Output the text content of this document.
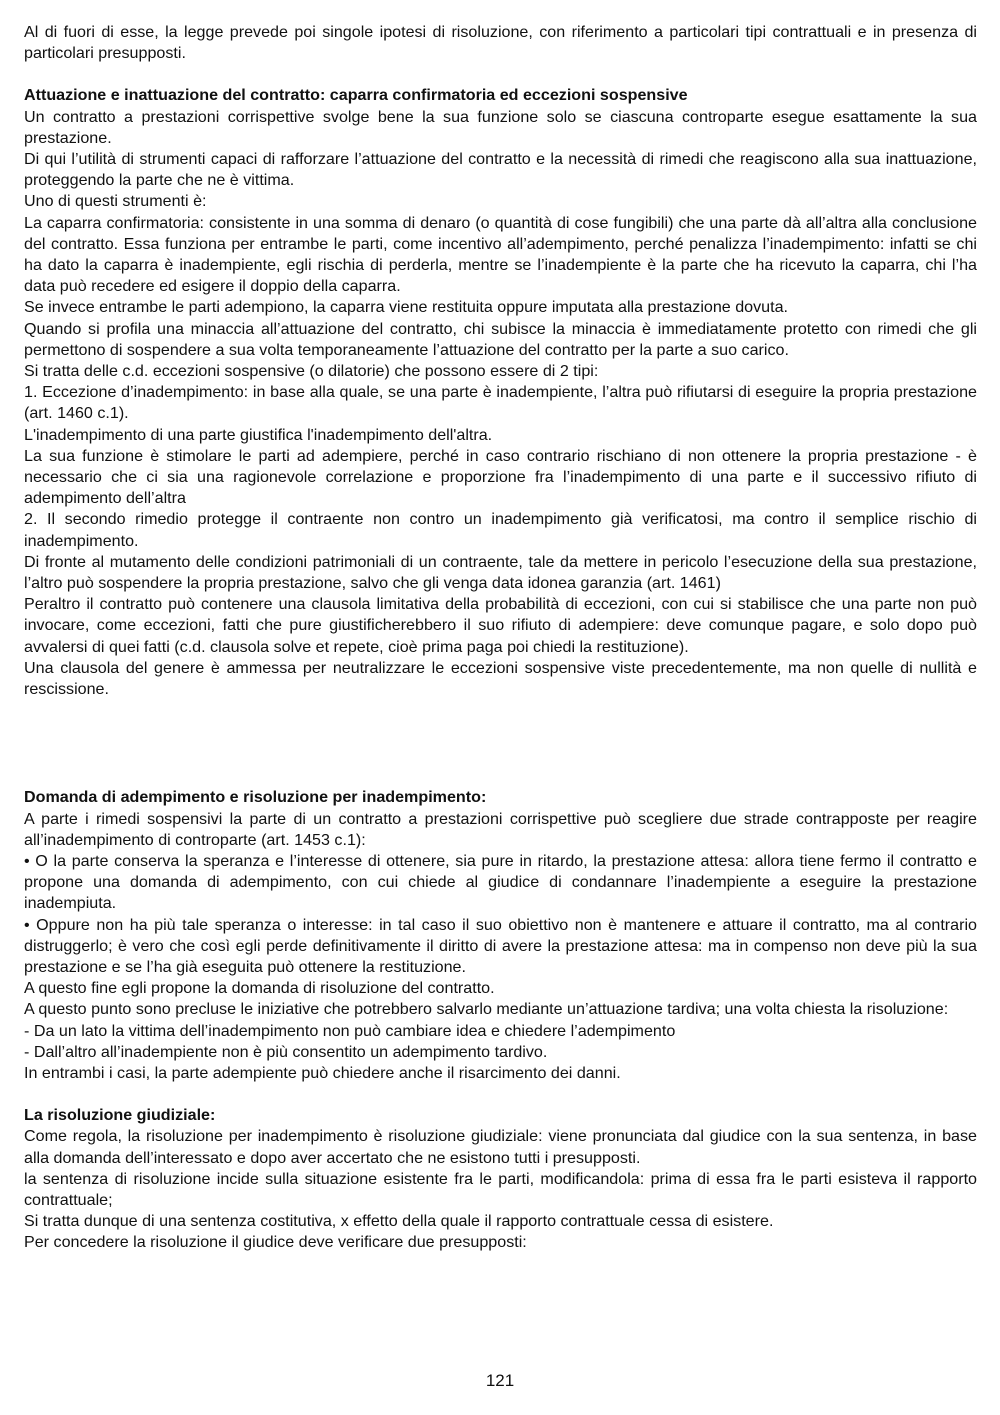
Al di fuori di esse, la legge prevede poi singole ipotesi di risoluzione, con riferimento a particolari tipi contrattuali e in presenza di particolari presupposti.

Attuazione e inattuazione del contratto: caparra confirmatoria ed eccezioni sospensive

Un contratto a prestazioni corrispettive svolge bene la sua funzione solo se ciascuna controparte esegue esattamente la sua prestazione.

Di qui l’utilità di strumenti capaci di rafforzare l’attuazione del contratto e la necessità di rimedi che reagiscono alla sua inattuazione, proteggendo la parte che ne è vittima.

Uno di questi strumenti è:

La caparra confirmatoria: consistente in una somma di denaro (o quantità di cose fungibili) che una parte dà all’altra alla conclusione del contratto. Essa funziona per entrambe le parti, come incentivo all’adempimento, perché penalizza l’inadempimento: infatti se chi ha dato la caparra è inadempiente, egli rischia di perderla, mentre se l’inadempiente è la parte che ha ricevuto la caparra, chi l’ha data può recedere ed esigere il doppio della caparra.

Se invece entrambe le parti adempiono, la caparra viene restituita oppure imputata alla prestazione dovuta.

Quando si profila una minaccia all’attuazione del contratto, chi subisce la minaccia è immediatamente protetto con rimedi che gli permettono di sospendere a sua volta temporaneamente l’attuazione del contratto per la parte a suo carico.

Si tratta delle c.d. eccezioni sospensive (o dilatorie) che possono essere di 2 tipi:

1. Eccezione d’inadempimento: in base alla quale, se una parte è inadempiente, l’altra può rifiutarsi di eseguire la propria prestazione (art. 1460 c.1).

L'inadempimento di una parte giustifica l'inadempimento dell'altra.

La sua funzione è stimolare le parti ad adempiere, perché in caso contrario rischiano di non ottenere la propria prestazione - è necessario che ci sia una ragionevole correlazione e proporzione fra l’inadempimento di una parte e il successivo rifiuto di adempimento dell’altra

2. Il secondo rimedio protegge il contraente non contro un inadempimento già verificatosi, ma contro il semplice rischio di inadempimento.

Di fronte al mutamento delle condizioni patrimoniali di un contraente, tale da mettere in pericolo l’esecuzione della sua prestazione, l’altro può sospendere la propria prestazione, salvo che gli venga data idonea garanzia (art. 1461)

Peraltro il contratto può contenere una clausola limitativa della probabilità di eccezioni, con cui si stabilisce che una parte non può invocare, come eccezioni, fatti che pure giustificherebbero il suo rifiuto di adempiere: deve comunque pagare, e solo dopo può avvalersi di quei fatti (c.d. clausola solve et repete, cioè prima paga poi chiedi la restituzione).

Una clausola del genere è ammessa per neutralizzare le eccezioni sospensive viste precedentemente, ma non quelle di nullità e rescissione.

Domanda di adempimento e risoluzione per inadempimento:

A parte i rimedi sospensivi la parte di un contratto a prestazioni corrispettive può scegliere due strade contrapposte per reagire all’inadempimento di controparte (art. 1453 c.1):

• O la parte conserva la speranza e l’interesse di ottenere, sia pure in ritardo, la prestazione attesa: allora tiene fermo il contratto e propone una domanda di adempimento, con cui chiede al giudice di condannare l’inadempiente a eseguire la prestazione inadempiuta.

• Oppure non ha più tale speranza o interesse: in tal caso il suo obiettivo non è mantenere e attuare il contratto, ma al contrario distruggerlo; è vero che così egli perde definitivamente il diritto di avere la prestazione attesa: ma in compenso non deve più la sua prestazione e se l’ha già eseguita può ottenere la restituzione.

A questo fine egli propone la domanda di risoluzione del contratto.

A questo punto sono precluse le iniziative che potrebbero salvarlo mediante un’attuazione tardiva; una volta chiesta la risoluzione:

- Da un lato la vittima dell’inadempimento non può cambiare idea e chiedere l’adempimento

- Dall’altro all’inadempiente non è più consentito un adempimento tardivo.

In entrambi i casi, la parte adempiente può chiedere anche il risarcimento dei danni.

La risoluzione giudiziale:

Come regola, la risoluzione per inadempimento è risoluzione giudiziale: viene pronunciata dal giudice con la sua sentenza, in base alla domanda dell’interessato e dopo aver accertato che ne esistono tutti i presupposti.

la sentenza di risoluzione incide sulla situazione esistente fra le parti, modificandola: prima di essa fra le parti esisteva il rapporto contrattuale;

Si tratta dunque di una sentenza costitutiva, x effetto della quale il rapporto contrattuale cessa di esistere.

Per concedere la risoluzione il giudice deve verificare due presupposti:

121
